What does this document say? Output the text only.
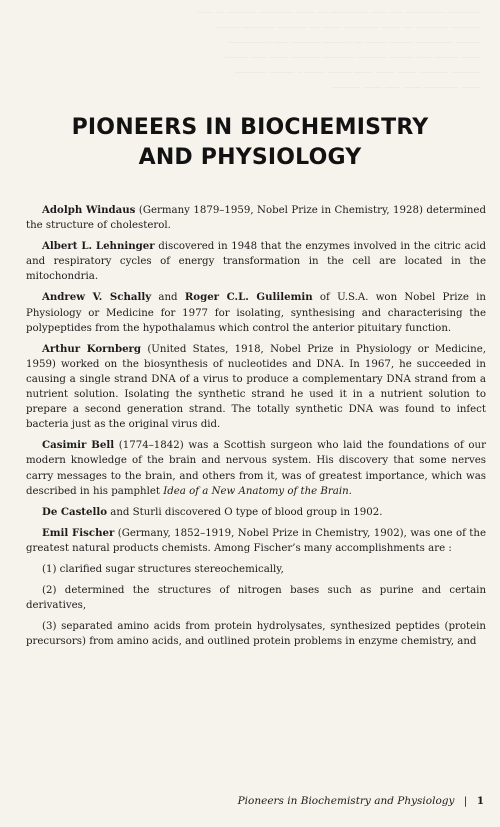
_______ ________ ___ ___ ________ __ ____ _______ ______ __ ___
______ _______ __ ____ _______ ____ __ ______ _______ _____
_____ ________ _____ ____ __ ______ ______ ___ _________
____ _____ ___ _____ ______ _______ ______ ____ ___ _____
______ ______ ____ ____ ____ _____ ____ _ _____ _______
____ _______ ____ ___ ____ ______
PIONEERS IN BIOCHEMISTRY
AND PHYSIOLOGY

Adolph Windaus (Germany 1879–1959, Nobel Prize in Chemistry, 1928) determined the structure of cholesterol.

Albert L. Lehninger discovered in 1948 that the enzymes involved in the citric acid and respiratory cycles of energy transformation in the cell are located in the mitochondria.

Andrew V. Schally and Roger C.L. Gulilemin of U.S.A. won Nobel Prize in Physiology or Medicine for 1977 for isolating, synthesising and characterising the polypeptides from the hypothalamus which control the anterior pituitary function.

Arthur Kornberg (United States, 1918, Nobel Prize in Physiology or Medicine, 1959) worked on the biosynthesis of nucleotides and DNA. In 1967, he succeeded in causing a single strand DNA of a virus to produce a complementary DNA strand from a nutrient solution. Isolating the synthetic strand he used it in a nutrient solution to prepare a second generation strand. The totally synthetic DNA was found to infect bacteria just as the original virus did.

Casimir Bell (1774–1842) was a Scottish surgeon who laid the foundations of our modern knowledge of the brain and nervous system. His discovery that some nerves carry messages to the brain, and others from it, was of greatest importance, which was described in his pamphlet Idea of a New Anatomy of the Brain.

De Castello and Sturli discovered O type of blood group in 1902.

Emil Fischer (Germany, 1852–1919, Nobel Prize in Chemistry, 1902), was one of the greatest natural products chemists. Among Fischer’s many accomplishments are :

(1) clarified sugar structures stereochemically,

(2) determined the structures of nitrogen bases such as purine and certain derivatives,

(3) separated amino acids from protein hydrolysates, synthesized peptides (protein precursors) from amino acids, and outlined protein problems in enzyme chemistry, and

Pioneers in Biochemistry and Physiology | 1
